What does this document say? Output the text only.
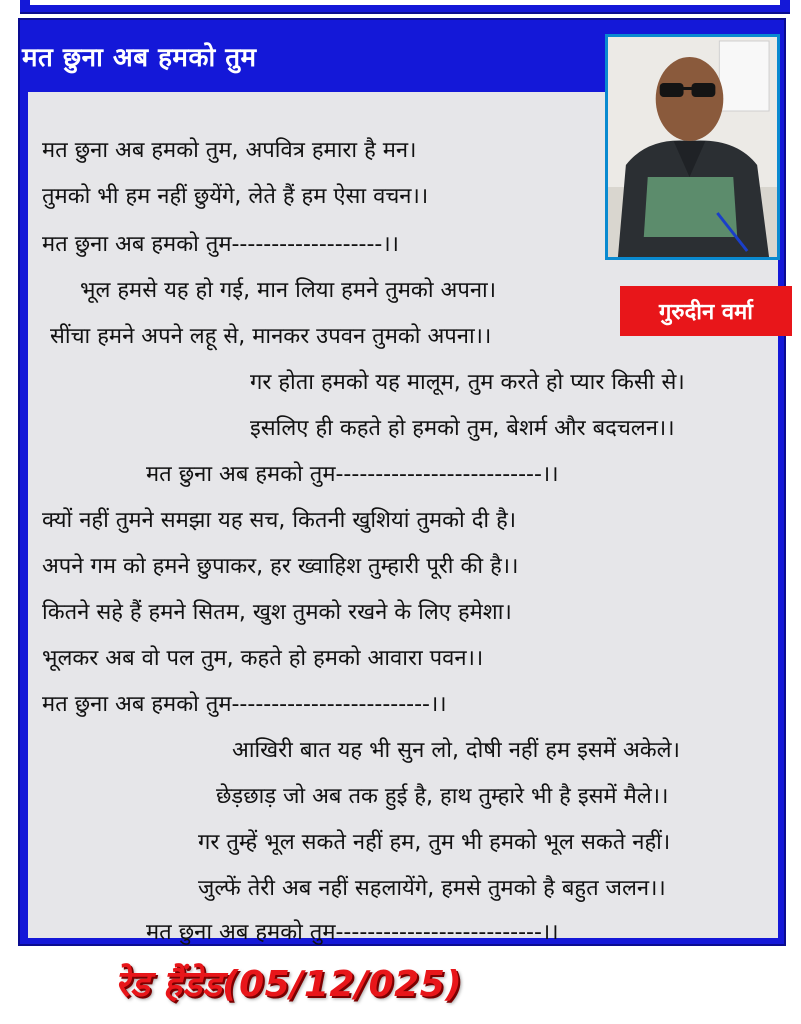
मत छुना अब हमको तुम
मत छुना अब हमको तुम, अपवित्र हमारा है मन।
तुमको भी हम नहीं छुयेंगे, लेते हैं हम ऐसा वचन।।
मत छुना अब हमको तुम-------------------।।
भूल हमसे यह हो गई, मान लिया हमने तुमको अपना।
सींचा हमने अपने लहू से, मानकर उपवन तुमको अपना।।
गर होता हमको यह मालूम, तुम करते हो प्यार किसी से।
इसलिए ही कहते हो हमको तुम, बेशर्म और बदचलन।।
मत छुना अब हमको तुम--------------------------।।
क्यों नहीं तुमने समझा यह सच, कितनी खुशियां तुमको दी है।
अपने गम को हमने छुपाकर, हर ख्वाहिश तुम्हारी पूरी की है।।
कितने सहे हैं हमने सितम, खुश तुमको रखने के लिए हमेशा।
भूलकर अब वो पल तुम, कहते हो हमको आवारा पवन।।
मत छुना अब हमको तुम-------------------------।।
आखिरी बात यह भी सुन लो, दोषी नहीं हम इसमें अकेले।
छेड़छाड़ जो अब तक हुई है, हाथ तुम्हारे भी है इसमें मैले।।
गर तुम्हें भूल सकते नहीं हम, तुम भी हमको भूल सकते नहीं।
जुल्फें तेरी अब नहीं सहलायेंगे, हमसे तुमको है बहुत जलन।।
मत छुना अब हमको तुम--------------------------।।
गुरुदीन वर्मा
रेड हैंडेड(05/12/025)
